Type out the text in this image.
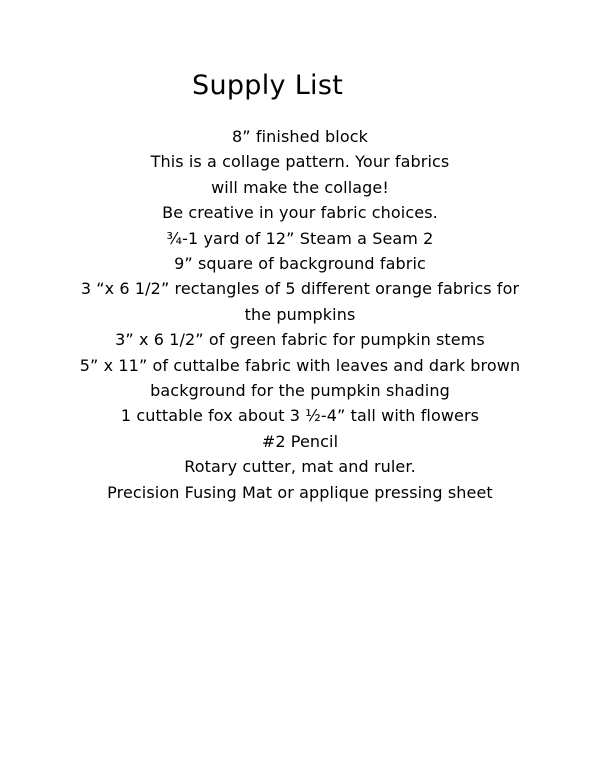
Supply List
8” finished block
This is a collage pattern. Your fabrics
will make the collage!
Be creative in your fabric choices.
¾-1 yard of 12” Steam a Seam 2
9” square of background fabric
3 “x 6 1/2” rectangles of 5 different orange fabrics for
the pumpkins
3” x 6 1/2” of green fabric for pumpkin stems
5” x 11” of cuttalbe fabric with leaves and dark brown
background for the pumpkin shading
1 cuttable fox about 3 ½-4” tall with flowers
#2 Pencil
Rotary cutter, mat and ruler.
Precision Fusing Mat or applique pressing sheet
